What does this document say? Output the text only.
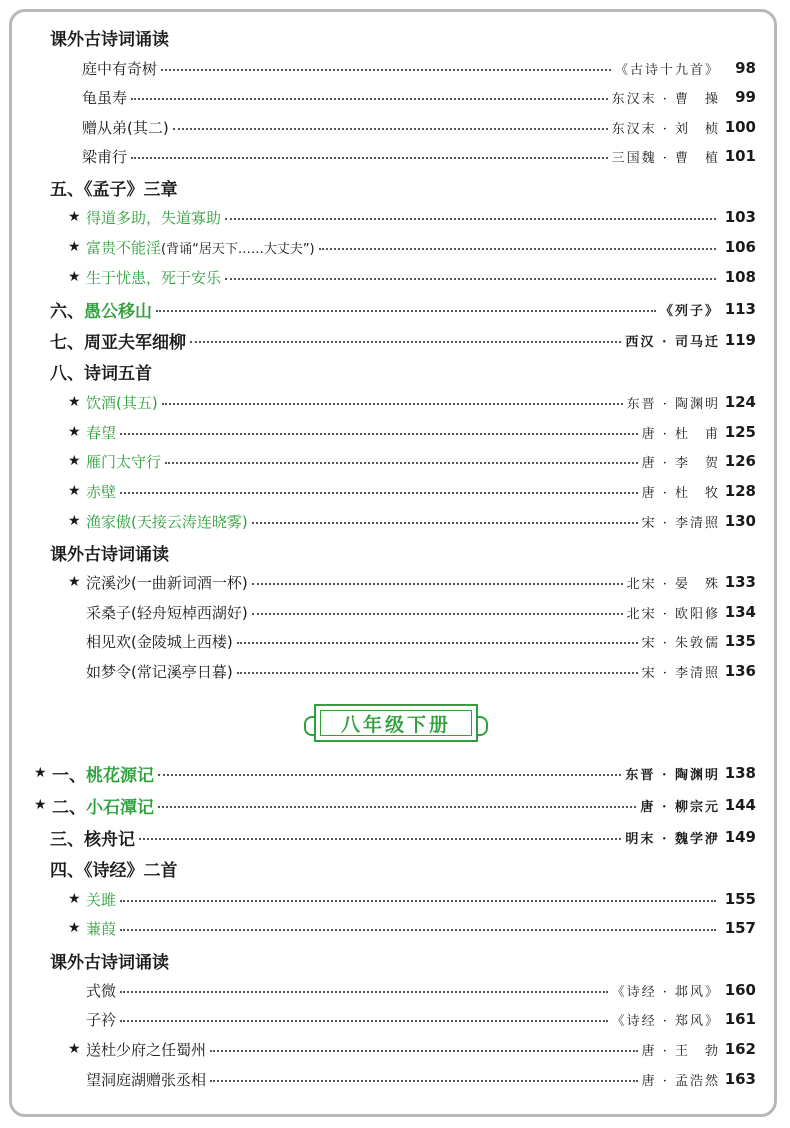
课外古诗词诵读
庭中有奇树	《古诗十九首》	98
龟虽寿	东汉末 · 曹　操	99
赠从弟(其二)	东汉末 · 刘　桢 100
梁甫行	三国魏 · 曹　植 101
五、《孟子》三章
★ 得道多助，失道寡助	103
★ 富贵不能淫 (背诵“居天下……大丈夫”)	106
★ 生于忧患，死于安乐	108
六、 愚公移山	《列子》 113
七、周亚夫军细柳	西汉 · 司马迁 119
八、诗词五首
★ 饮酒(其五)	东晋 · 陶渊明 124
★ 春望	唐 · 杜　甫 125
★ 雁门太守行	唐 · 李　贺 126
★ 赤壁	唐 · 杜　牧 128
★ 渔家傲(天接云涛连晓雾)	宋 · 李清照 130
课外古诗词诵读
★ 浣溪沙(一曲新词酒一杯)	北宋 · 晏　殊 133
采桑子(轻舟短棹西湖好)	北宋 · 欧阳修 134
相见欢(金陵城上西楼)	宋 · 朱敦儒 135
如梦令(常记溪亭日暮)	宋 · 李清照 136
★ 一、 桃花源记	东晋 · 陶渊明 138
★ 二、 小石潭记	唐 · 柳宗元 144
三、核舟记	明末 · 魏学洢 149
四、《诗经》二首
★ 关雎	155
★ 蒹葭	157
课外古诗词诵读
式微	《诗经 · 邶风》 160
子衿	《诗经 · 郑风》 161
★ 送杜少府之任蜀州	唐 · 王　勃 162
望洞庭湖赠张丞相	唐 · 孟浩然 163
八年级下册
